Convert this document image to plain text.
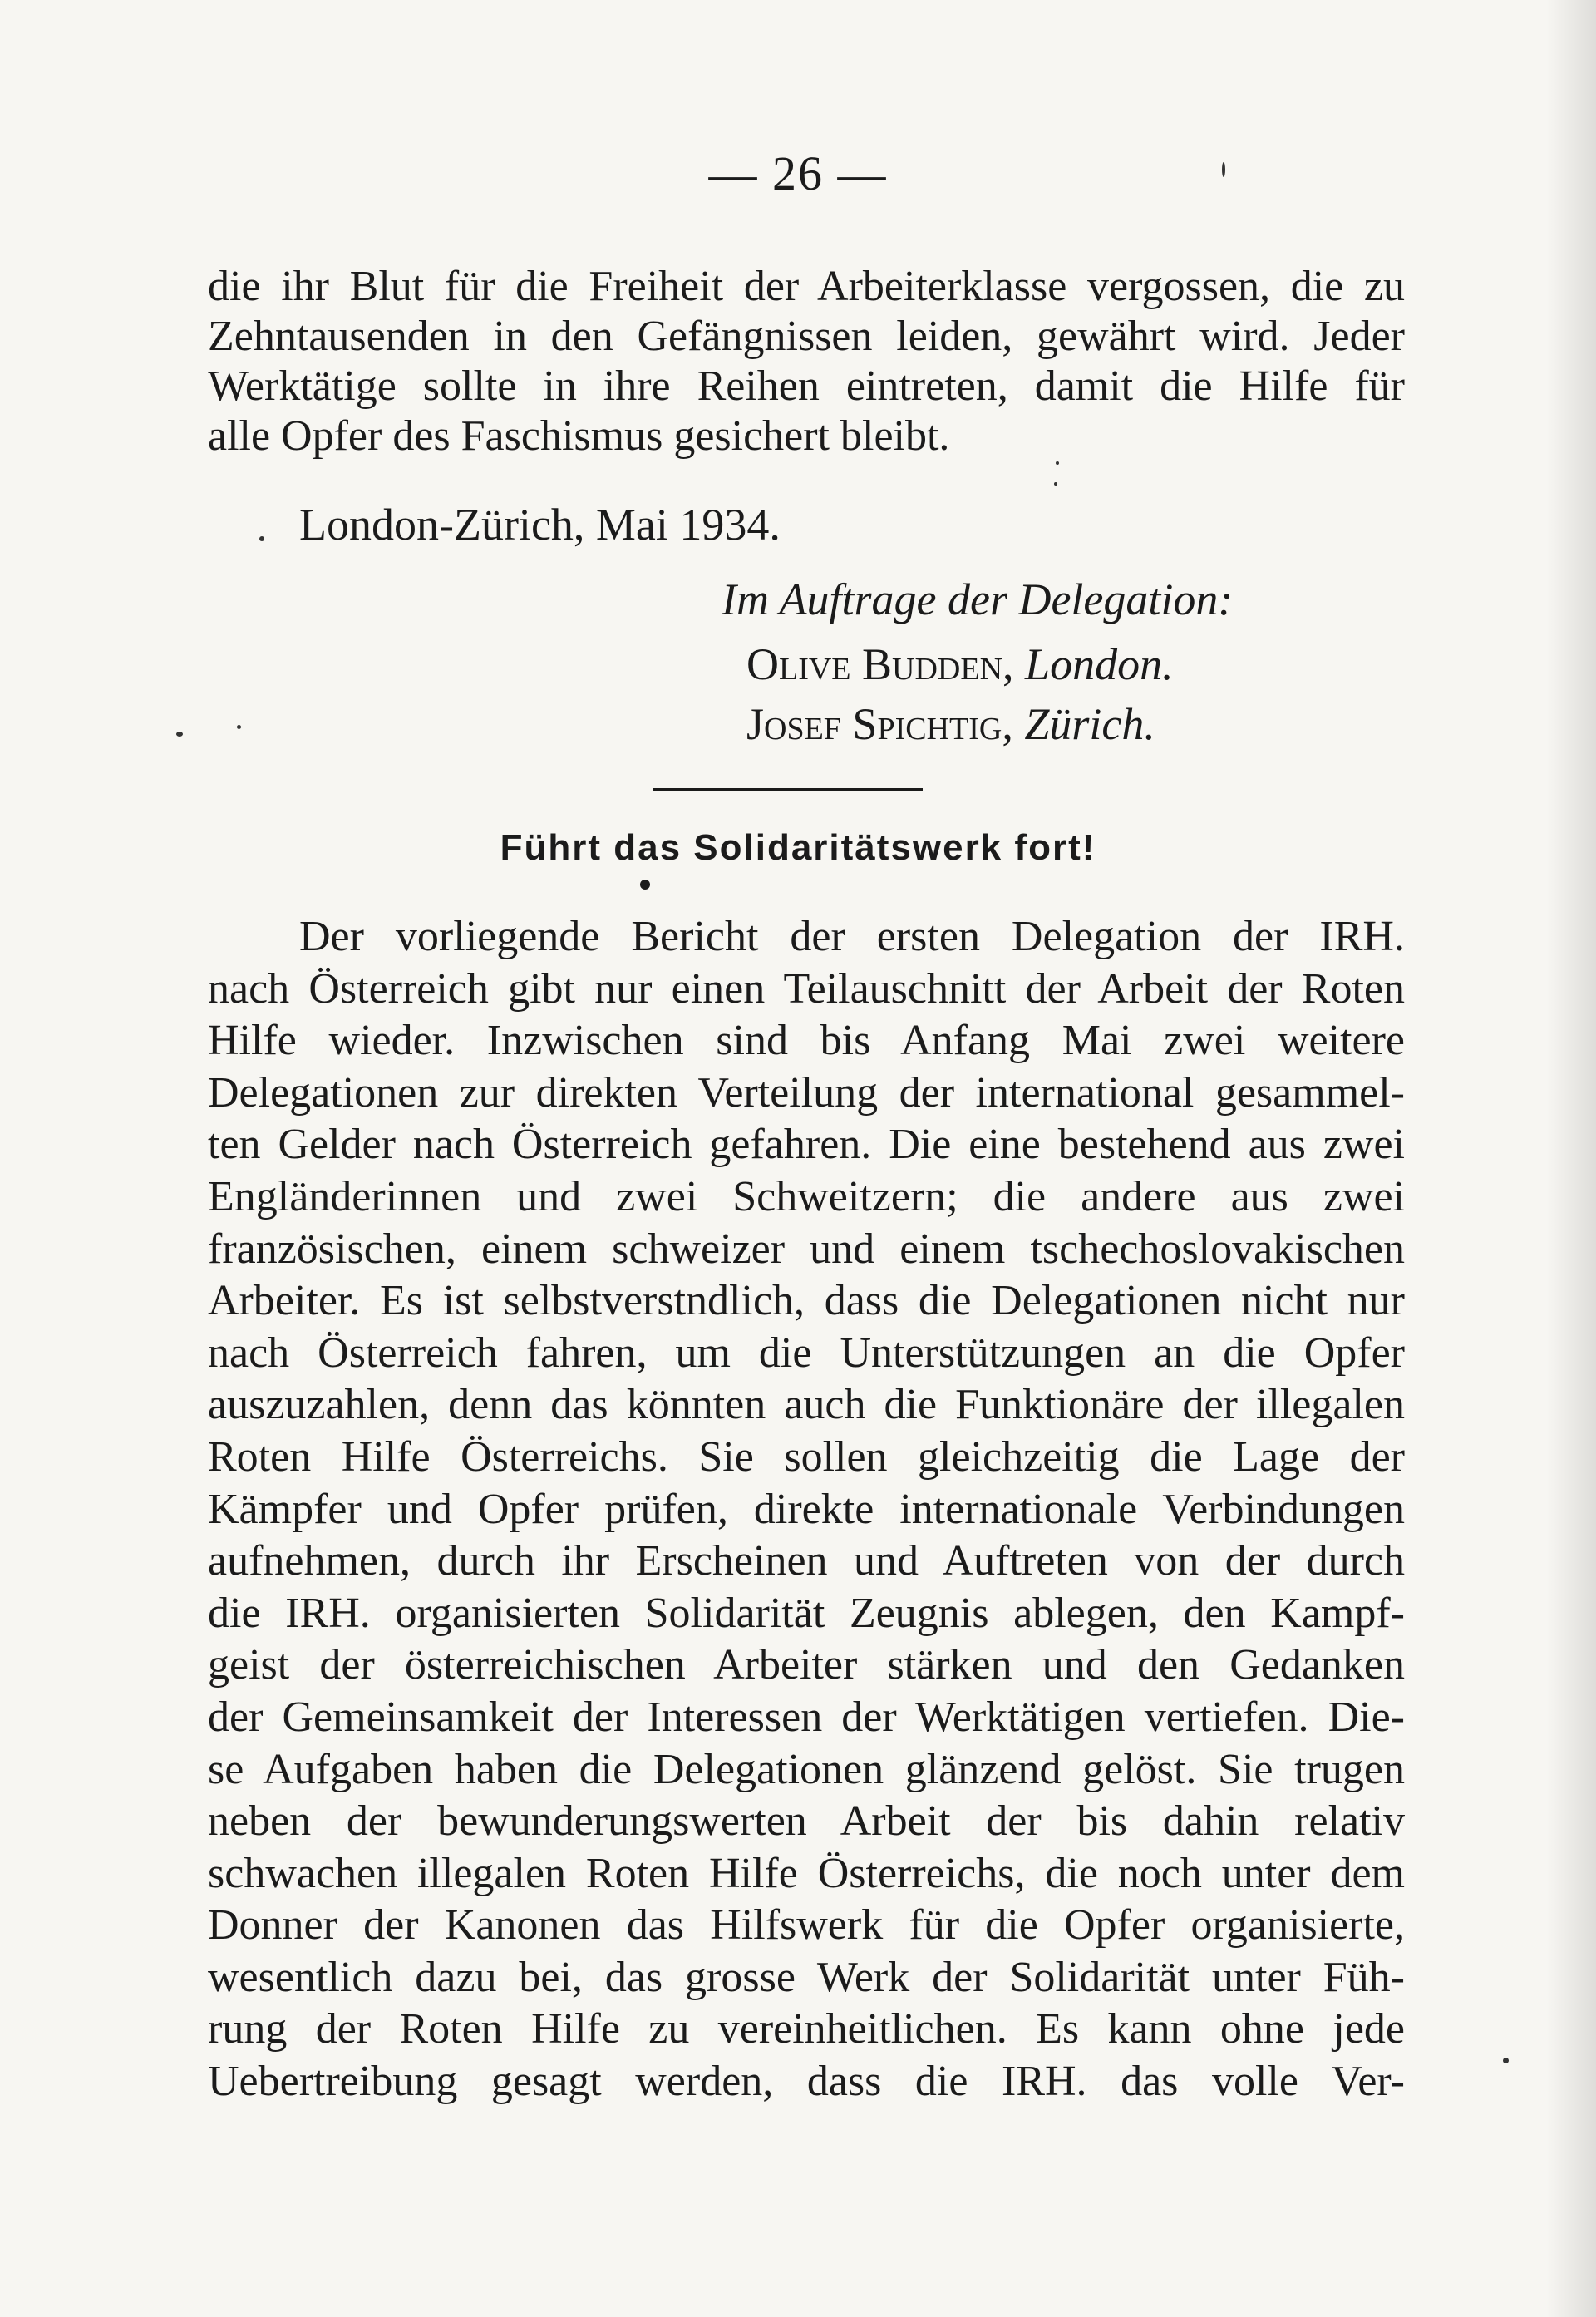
— 26 —
die ihr Blut für die Freiheit der Arbeiterklasse vergossen, die zu
Zehntausenden in den Gefängnissen leiden, gewährt wird. Jeder
Werktätige sollte in ihre Reihen eintreten, damit die Hilfe für
alle Opfer des Faschismus gesichert bleibt.
London-Zürich, Mai 1934.
Im Auftrage der Delegation:
Olive Budden, London.
Josef Spichtig, Zürich.
Führt das Solidaritätswerk fort!
Der vorliegende Bericht der ersten Delegation der IRH.
nach Österreich gibt nur einen Teilauschnitt der Arbeit der Roten
Hilfe wieder. Inzwischen sind bis Anfang Mai zwei weitere
Delegationen zur direkten Verteilung der international gesammel-
ten Gelder nach Österreich gefahren. Die eine bestehend aus zwei
Engländerinnen und zwei Schweitzern; die andere aus zwei
französischen, einem schweizer und einem tschechoslovakischen
Arbeiter. Es ist selbstverstndlich, dass die Delegationen nicht nur
nach Österreich fahren, um die Unterstützungen an die Opfer
auszuzahlen, denn das könnten auch die Funktionäre der illegalen
Roten Hilfe Österreichs. Sie sollen gleichzeitig die Lage der
Kämpfer und Opfer prüfen, direkte internationale Verbindungen
aufnehmen, durch ihr Erscheinen und Auftreten von der durch
die IRH. organisierten Solidarität Zeugnis ablegen, den Kampf-
geist der österreichischen Arbeiter stärken und den Gedanken
der Gemeinsamkeit der Interessen der Werktätigen vertiefen. Die-
se Aufgaben haben die Delegationen glänzend gelöst. Sie trugen
neben der bewunderungswerten Arbeit der bis dahin relativ
schwachen illegalen Roten Hilfe Österreichs, die noch unter dem
Donner der Kanonen das Hilfswerk für die Opfer organisierte,
wesentlich dazu bei, das grosse Werk der Solidarität unter Füh-
rung der Roten Hilfe zu vereinheitlichen. Es kann ohne jede
Uebertreibung gesagt werden, dass die IRH. das volle Ver-
